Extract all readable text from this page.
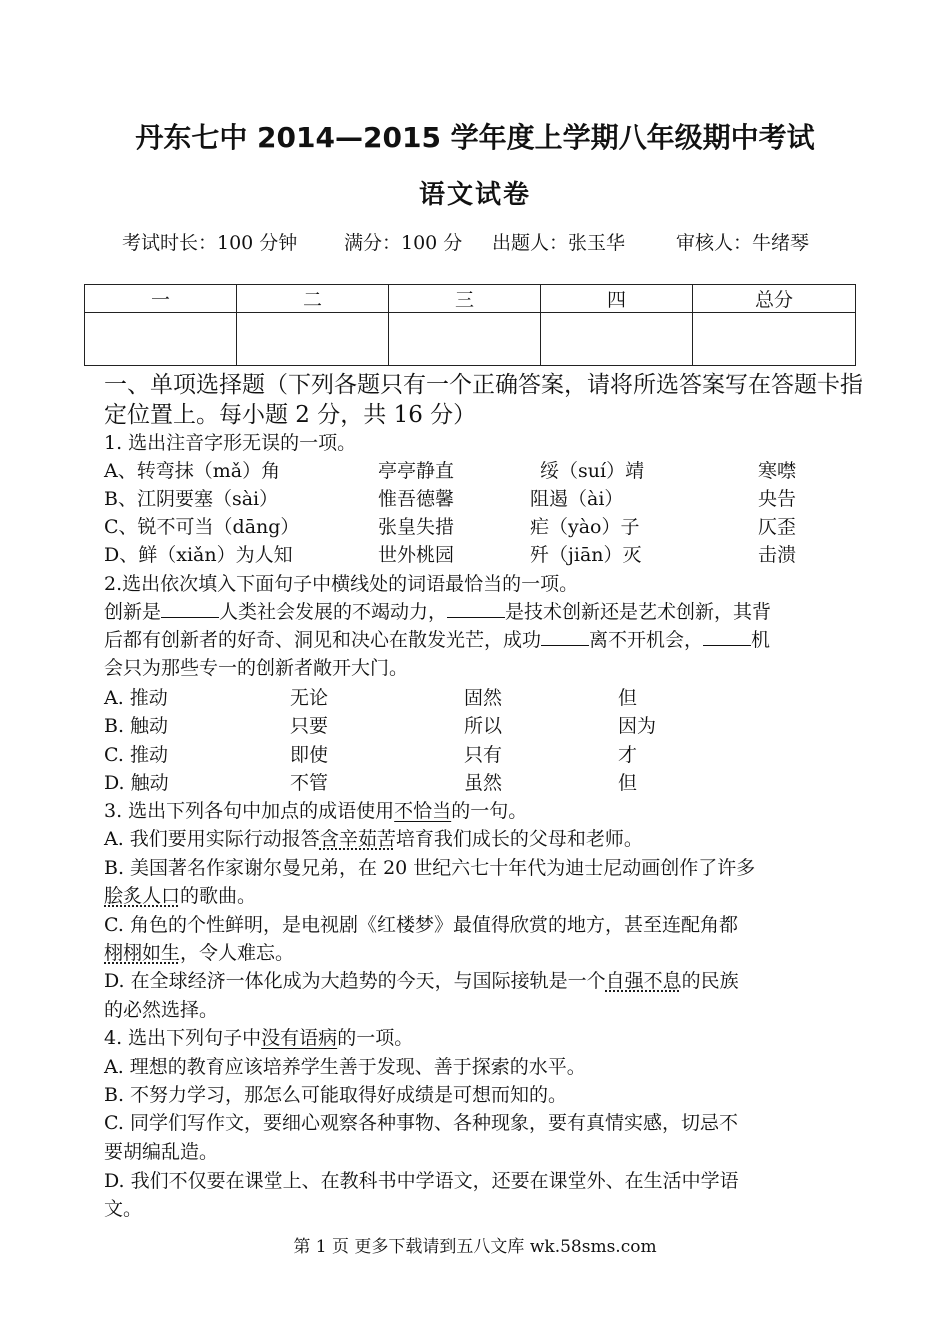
丹东七中 2014—2015 学年度上学期八年级期中考试
语文试卷
考试时长：100 分钟 满分：100 分 出题人：张玉华	审核人：牛绪琴
一	二	三	四	总分

一、单项选择题（下列各题只有一个正确答案，请将所选答案写在答题卡指定位置上。每小题 2 分，共 16 分）
1. 选出注音字形无误的一项。
A、转弯抹（mǎ）角	亭亭静直	绥（suí）靖	寒噤
B、江阴要塞（sài）	惟吾德馨	阻遏（ài）	央告
C、锐不可当（dāng）	张皇失措	疟（yào）子	仄歪
D、鲜（xiǎn）为人知	世外桃园	歼（jiān）灭	击溃
2.选出依次填入下面句子中横线处的词语最恰当的一项。
创新是	人类社会发展的不竭动力，	是技术创新还是艺术创新，其背
后都有创新者的好奇、洞见和决心在散发光芒，成功	离不开机会，	机
会只为那些专一的创新者敞开大门。
A. 推动	无论	固然	但
B. 触动	只要	所以	因为
C. 推动	即使	只有	才
D. 触动	不管	虽然	但
3. 选出下列各句中加点的成语使用不恰当的一句。
A. 我们要用实际行动报答含辛茹苦培育我们成长的父母和老师。
B. 美国著名作家谢尔曼兄弟，在 20 世纪六七十年代为迪士尼动画创作了许多
脍炙人口的歌曲。
C. 角色的个性鲜明，是电视剧《红楼梦》最值得欣赏的地方，甚至连配角都
栩栩如生，令人难忘。
D. 在全球经济一体化成为大趋势的今天，与国际接轨是一个自强不息的民族
的必然选择。
4. 选出下列句子中没有语病的一项。
A. 理想的教育应该培养学生善于发现、善于探索的水平。
B. 不努力学习，那怎么可能取得好成绩是可想而知的。
C. 同学们写作文，要细心观察各种事物、各种现象，要有真情实感，切忌不
要胡编乱造。
D. 我们不仅要在课堂上、在教科书中学语文，还要在课堂外、在生活中学语
文。
第 1 页 更多下载请到五八文库 wk.58sms.com
